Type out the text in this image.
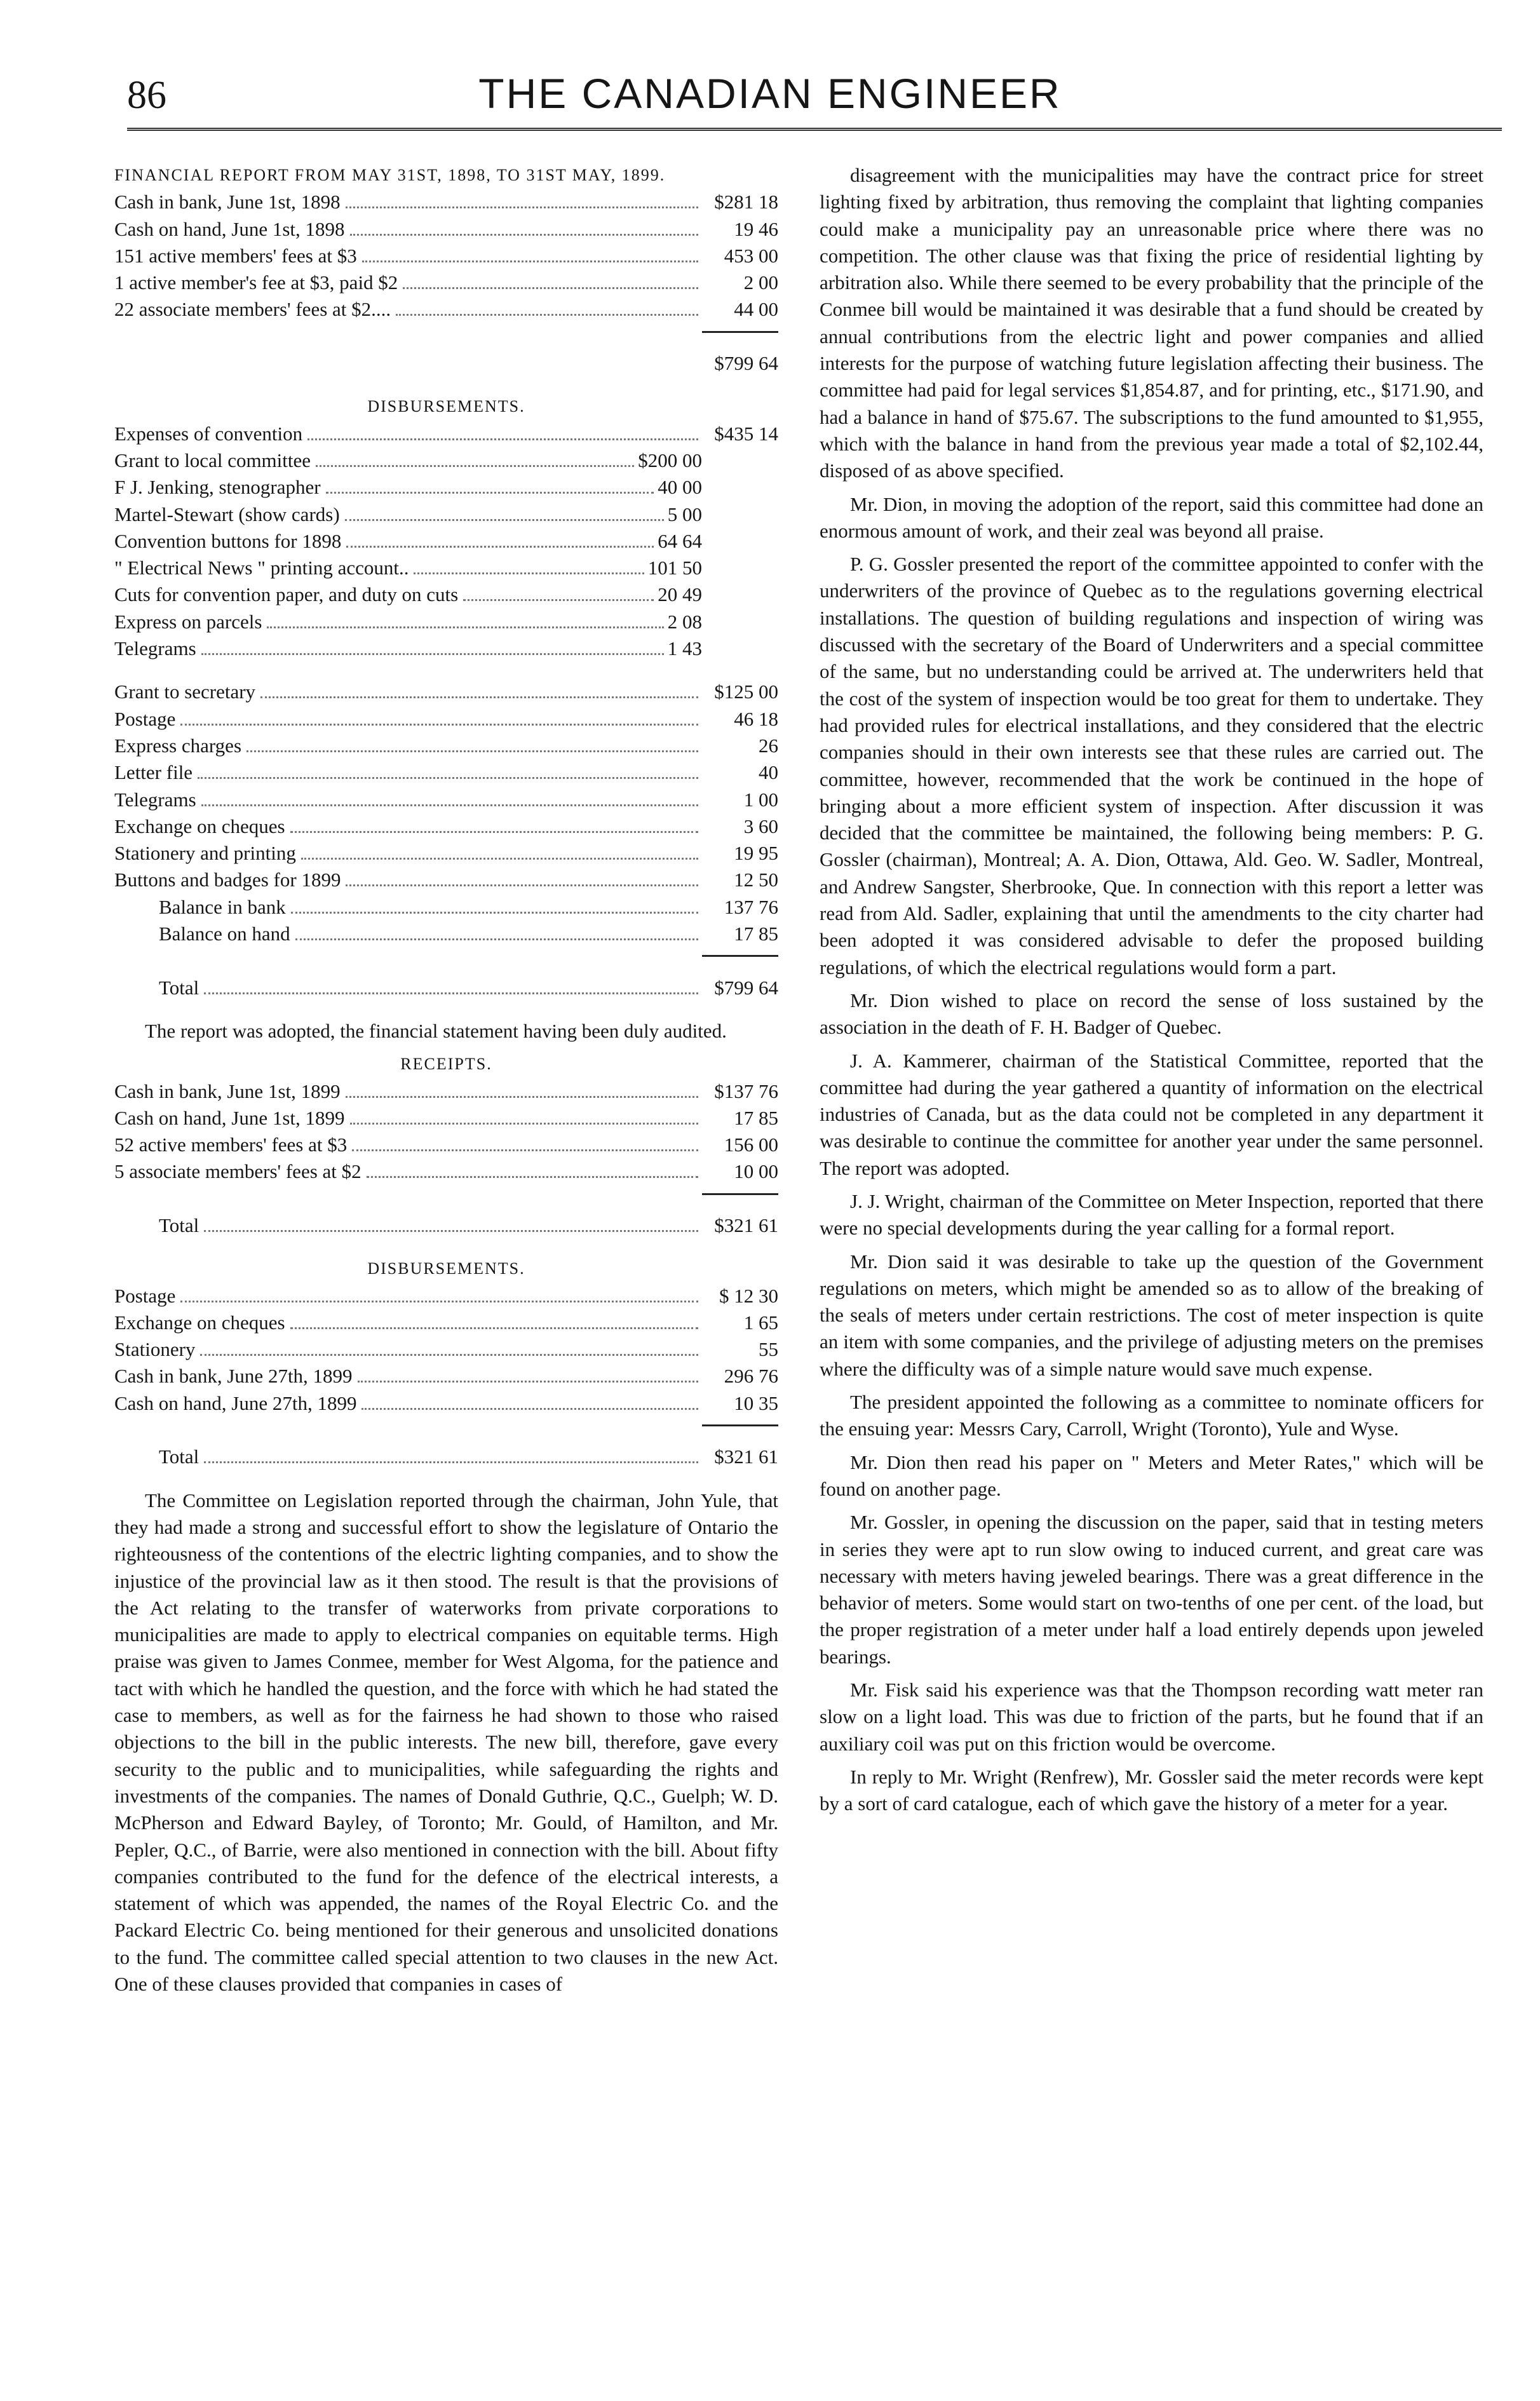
86	THE CANADIAN ENGINEER
FINANCIAL REPORT FROM MAY 31ST, 1898, TO 31ST MAY, 1899.
Cash in bank, June 1st, 1898	$281 18
Cash on hand, June 1st, 1898	19 46
151 active members' fees at $3	453 00
1 active member's fee at $3, paid $2	2 00
22 associate members' fees at $2....	44 00
$799 64
DISBURSEMENTS.
Expenses of convention	$435 14
Grant to local committee	$200 00
F J. Jenking, stenographer	40 00
Martel-Stewart (show cards)	5 00
Convention buttons for 1898	64 64
" Electrical News " printing account..	101 50
Cuts for convention paper, and duty on cuts	20 49
Express on parcels	2 08
Telegrams	1 43
Grant to secretary	$125 00
Postage	46 18
Express charges	26
Letter file	40
Telegrams	1 00
Exchange on cheques	3 60
Stationery and printing	19 95
Buttons and badges for 1899	12 50
Balance in bank	137 76
Balance on hand	17 85
Total	$799 64

The report was adopted, the financial statement having been duly audited.

RECEIPTS.
Cash in bank, June 1st, 1899	$137 76
Cash on hand, June 1st, 1899	17 85
52 active members' fees at $3	156 00
5 associate members' fees at $2	10 00
Total	$321 61
DISBURSEMENTS.
Postage	$ 12 30
Exchange on cheques	1 65
Stationery	55
Cash in bank, June 27th, 1899	296 76
Cash on hand, June 27th, 1899	10 35
Total	$321 61

The Committee on Legislation reported through the chairman, John Yule, that they had made a strong and successful effort to show the legislature of Ontario the righteousness of the contentions of the electric lighting companies, and to show the injustice of the provincial law as it then stood. The result is that the provisions of the Act relating to the transfer of waterworks from private corporations to municipalities are made to apply to electrical companies on equitable terms. High praise was given to James Conmee, member for West Algoma, for the patience and tact with which he handled the question, and the force with which he had stated the case to members, as well as for the fairness he had shown to those who raised objections to the bill in the public interests. The new bill, therefore, gave every security to the public and to municipalities, while safeguarding the rights and investments of the companies. The names of Donald Guthrie, Q.C., Guelph; W. D. McPherson and Edward Bayley, of Toronto; Mr. Gould, of Hamilton, and Mr. Pepler, Q.C., of Barrie, were also mentioned in connection with the bill. About fifty companies contributed to the fund for the defence of the electrical interests, a statement of which was appended, the names of the Royal Electric Co. and the Packard Electric Co. being mentioned for their generous and unsolicited donations to the fund. The committee called special attention to two clauses in the new Act. One of these clauses provided that companies in cases of

disagreement with the municipalities may have the contract price for street lighting fixed by arbitration, thus removing the complaint that lighting companies could make a municipality pay an unreasonable price where there was no competition. The other clause was that fixing the price of residential lighting by arbitration also. While there seemed to be every probability that the principle of the Conmee bill would be maintained it was desirable that a fund should be created by annual contributions from the electric light and power companies and allied interests for the purpose of watching future legislation affecting their business. The committee had paid for legal services $1,854.87, and for printing, etc., $171.90, and had a balance in hand of $75.67. The subscriptions to the fund amounted to $1,955, which with the balance in hand from the previous year made a total of $2,102.44, disposed of as above specified.

Mr. Dion, in moving the adoption of the report, said this committee had done an enormous amount of work, and their zeal was beyond all praise.

P. G. Gossler presented the report of the committee appointed to confer with the underwriters of the province of Quebec as to the regulations governing electrical installations. The question of building regulations and inspection of wiring was discussed with the secretary of the Board of Underwriters and a special committee of the same, but no understanding could be arrived at. The underwriters held that the cost of the system of inspection would be too great for them to undertake. They had provided rules for electrical installations, and they considered that the electric companies should in their own interests see that these rules are carried out. The committee, however, recommended that the work be continued in the hope of bringing about a more efficient system of inspection. After discussion it was decided that the committee be maintained, the following being members: P. G. Gossler (chairman), Montreal; A. A. Dion, Ottawa, Ald. Geo. W. Sadler, Montreal, and Andrew Sangster, Sherbrooke, Que. In connection with this report a letter was read from Ald. Sadler, explaining that until the amendments to the city charter had been adopted it was considered advisable to defer the proposed building regulations, of which the electrical regulations would form a part.

Mr. Dion wished to place on record the sense of loss sustained by the association in the death of F. H. Badger of Quebec.

J. A. Kammerer, chairman of the Statistical Committee, reported that the committee had during the year gathered a quantity of information on the electrical industries of Canada, but as the data could not be completed in any department it was desirable to continue the committee for another year under the same personnel. The report was adopted.

J. J. Wright, chairman of the Committee on Meter Inspection, reported that there were no special developments during the year calling for a formal report.

Mr. Dion said it was desirable to take up the question of the Government regulations on meters, which might be amended so as to allow of the breaking of the seals of meters under certain restrictions. The cost of meter inspection is quite an item with some companies, and the privilege of adjusting meters on the premises where the difficulty was of a simple nature would save much expense.

The president appointed the following as a committee to nominate officers for the ensuing year: Messrs Cary, Carroll, Wright (Toronto), Yule and Wyse.

Mr. Dion then read his paper on " Meters and Meter Rates," which will be found on another page.

Mr. Gossler, in opening the discussion on the paper, said that in testing meters in series they were apt to run slow owing to induced current, and great care was necessary with meters having jeweled bearings. There was a great difference in the behavior of meters. Some would start on two-tenths of one per cent. of the load, but the proper registration of a meter under half a load entirely depends upon jeweled bearings.

Mr. Fisk said his experience was that the Thompson recording watt meter ran slow on a light load. This was due to friction of the parts, but he found that if an auxiliary coil was put on this friction would be overcome.

In reply to Mr. Wright (Renfrew), Mr. Gossler said the meter records were kept by a sort of card catalogue, each of which gave the history of a meter for a year.
